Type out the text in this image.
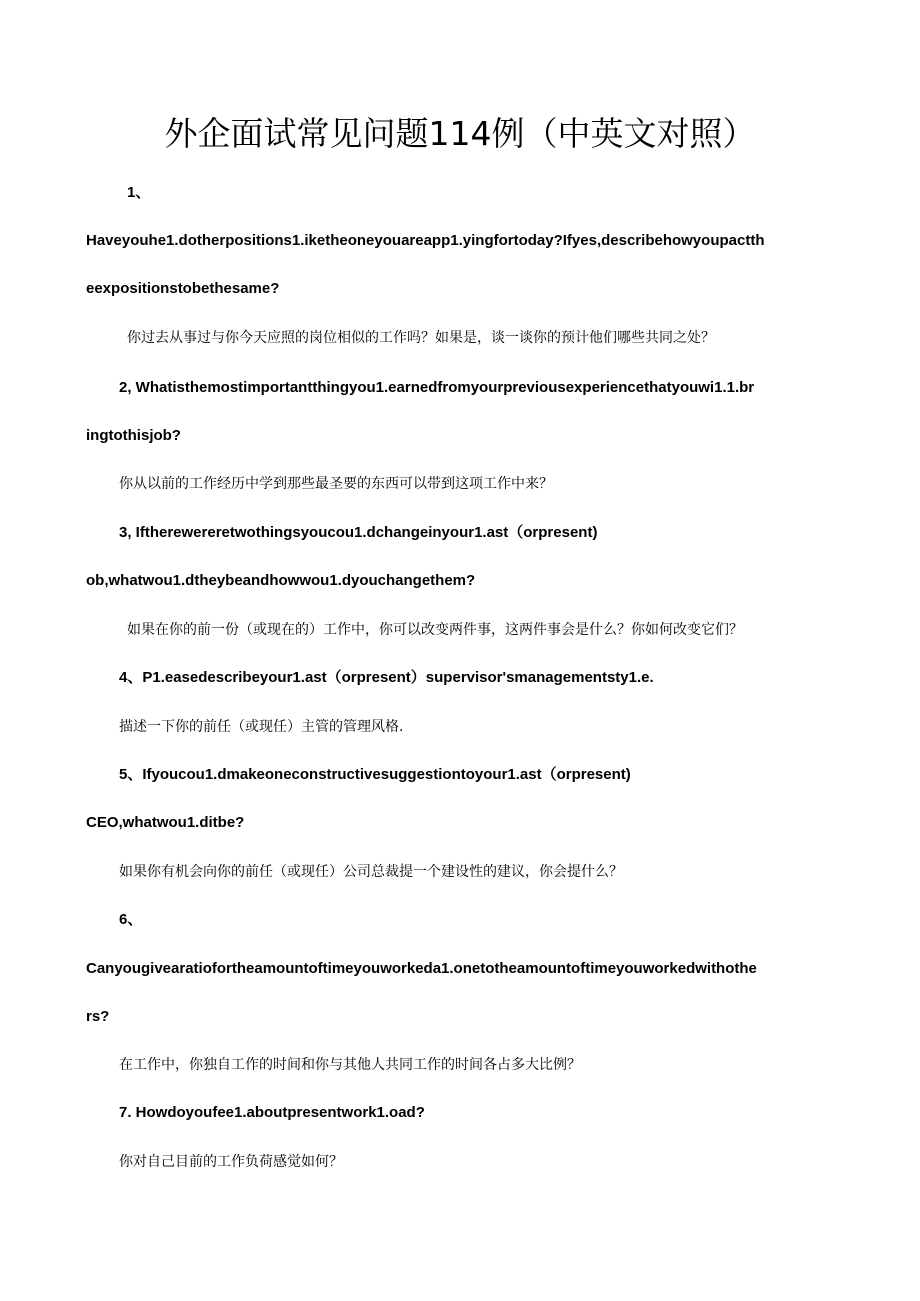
外企面试常见问题114例（中英文对照）
1、
Haveyouhe1.dotherpositions1.iketheoneyouareapp1.yingfortoday?Ifyes,describehowyoupactth
eexpositionstobethesame?
你过去从事过与你今天应照的岗位相似的工作吗？如果是，谈一谈你的预计他们哪些共同之处？
2, Whatisthemostimportantthingyou1.earnedfromyourpreviousexperiencethatyouwi1.1.br
ingtothisjob?
你从以前的工作经历中学到那些最圣要的东西可以带到这项工作中来？
3, Iftherewereretwothingsyoucou1.dchangeinyour1.ast（orpresent)
ob,whatwou1.dtheybeandhowwou1.dyouchangethem?
如果在你的前一份（或现在的）工作中，你可以改变两件事，这两件事会是什么？你如何改变它们？
4、P1.easedescribeyour1.ast（orpresent）supervisor'smanagementsty1.e.
描述一下你的前任（或现任）主管的管理风格.
5、Ifyoucou1.dmakeoneconstructivesuggestiontoyour1.ast（orpresent)
CEO,whatwou1.ditbe?
如果你有机会向你的前任（或现任）公司总裁提一个建设性的建议，你会提什么？
6、
Canyougivearatiofortheamountoftimeyouworkeda1.onetotheamountoftimeyouworkedwithothe
rs?
在工作中，你独自工作的时间和你与其他人共同工作的时间各占多大比例？
7. Howdoyoufee1.aboutpresentwork1.oad?
你对自己目前的工作负荷感觉如何？
